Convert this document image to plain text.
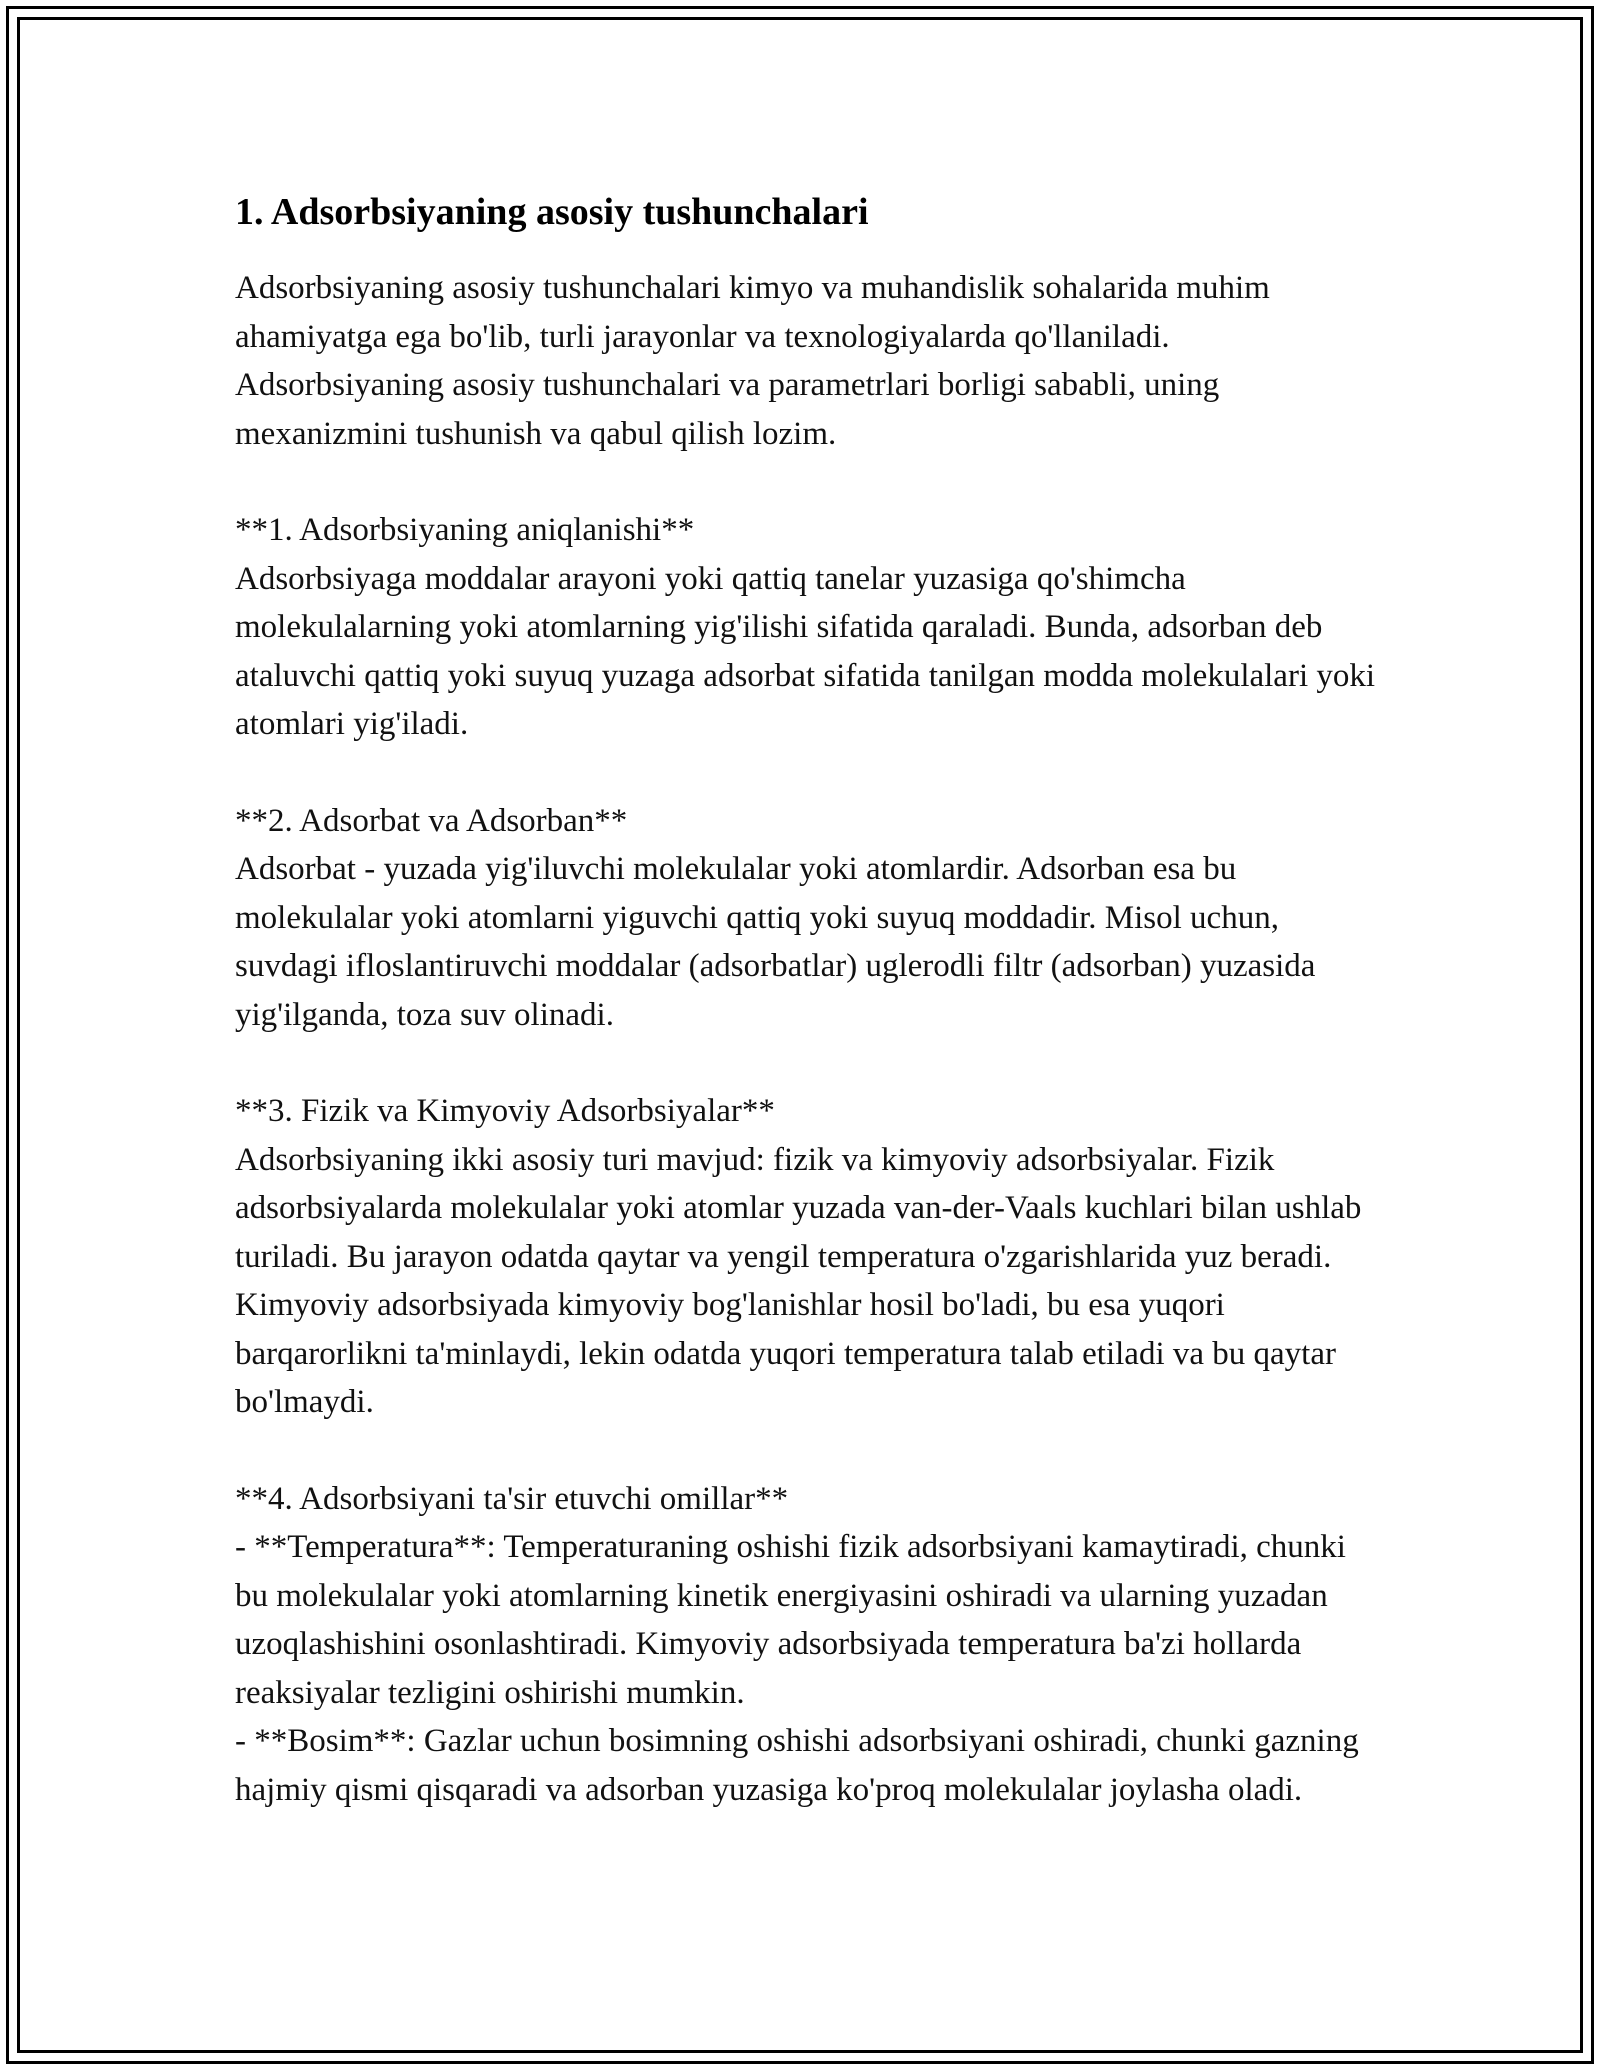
1. Adsorbsiyaning asosiy tushunchalari

Adsorbsiyaning asosiy tushunchalari kimyo va muhandislik sohalarida muhim ahamiyatga ega bo'lib, turli jarayonlar va texnologiyalarda qo'llaniladi. Adsorbsiyaning asosiy tushunchalari va parametrlari borligi sababli, uning mexanizmini tushunish va qabul qilish lozim.

**1. Adsorbsiyaning aniqlanishi**

Adsorbsiyaga moddalar arayoni yoki qattiq tanelar yuzasiga qo'shimcha molekulalarning yoki atomlarning yig'ilishi sifatida qaraladi. Bunda, adsorban deb ataluvchi qattiq yoki suyuq yuzaga adsorbat sifatida tanilgan modda molekulalari yoki atomlari yig'iladi.

**2. Adsorbat va Adsorban**

Adsorbat - yuzada yig'iluvchi molekulalar yoki atomlardir. Adsorban esa bu molekulalar yoki atomlarni yiguvchi qattiq yoki suyuq moddadir. Misol uchun, suvdagi ifloslantiruvchi moddalar (adsorbatlar) uglerodli filtr (adsorban) yuzasida yig'ilganda, toza suv olinadi.

**3. Fizik va Kimyoviy Adsorbsiyalar**

Adsorbsiyaning ikki asosiy turi mavjud: fizik va kimyoviy adsorbsiyalar. Fizik adsorbsiyalarda molekulalar yoki atomlar yuzada van-der-Vaals kuchlari bilan ushlab turiladi. Bu jarayon odatda qaytar va yengil temperatura o'zgarishlarida yuz beradi. Kimyoviy adsorbsiyada kimyoviy bog'lanishlar hosil bo'ladi, bu esa yuqori barqarorlikni ta'minlaydi, lekin odatda yuqori temperatura talab etiladi va bu qaytar bo'lmaydi.

**4. Adsorbsiyani ta'sir etuvchi omillar**

- **Temperatura**: Temperaturaning oshishi fizik adsorbsiyani kamaytiradi, chunki bu molekulalar yoki atomlarning kinetik energiyasini oshiradi va ularning yuzadan uzoqlashishini osonlashtiradi. Kimyoviy adsorbsiyada temperatura ba'zi hollarda reaksiyalar tezligini oshirishi mumkin.

- **Bosim**: Gazlar uchun bosimning oshishi adsorbsiyani oshiradi, chunki gazning hajmiy qismi qisqaradi va adsorban yuzasiga ko'proq molekulalar joylasha oladi.
